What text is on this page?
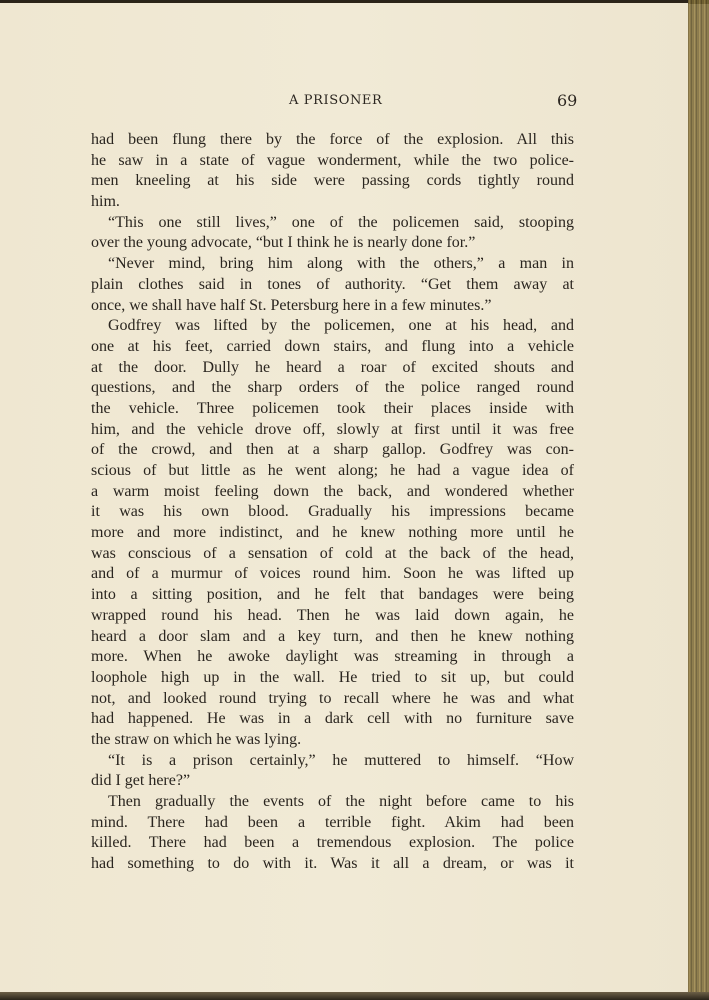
A PRISONER	69
had been flung there by the force of the explosion. All this
he saw in a state of vague wonderment, while the two police-
men kneeling at his side were passing cords tightly round
him.
“This one still lives,” one of the policemen said, stooping
over the young advocate, “but I think he is nearly done for.”
“Never mind, bring him along with the others,” a man in
plain clothes said in tones of authority. “Get them away at
once, we shall have half St. Petersburg here in a few minutes.”
Godfrey was lifted by the policemen, one at his head, and
one at his feet, carried down stairs, and flung into a vehicle
at the door. Dully he heard a roar of excited shouts and
questions, and the sharp orders of the police ranged round
the vehicle. Three policemen took their places inside with
him, and the vehicle drove off, slowly at first until it was free
of the crowd, and then at a sharp gallop. Godfrey was con-
scious of but little as he went along; he had a vague idea of
a warm moist feeling down the back, and wondered whether
it was his own blood. Gradually his impressions became
more and more indistinct, and he knew nothing more until he
was conscious of a sensation of cold at the back of the head,
and of a murmur of voices round him. Soon he was lifted up
into a sitting position, and he felt that bandages were being
wrapped round his head. Then he was laid down again, he
heard a door slam and a key turn, and then he knew nothing
more. When he awoke daylight was streaming in through a
loophole high up in the wall. He tried to sit up, but could
not, and looked round trying to recall where he was and what
had happened. He was in a dark cell with no furniture save
the straw on which he was lying.
“It is a prison certainly,” he muttered to himself. “How
did I get here?”
Then gradually the events of the night before came to his
mind. There had been a terrible fight. Akim had been
killed. There had been a tremendous explosion. The police
had something to do with it. Was it all a dream, or was it
